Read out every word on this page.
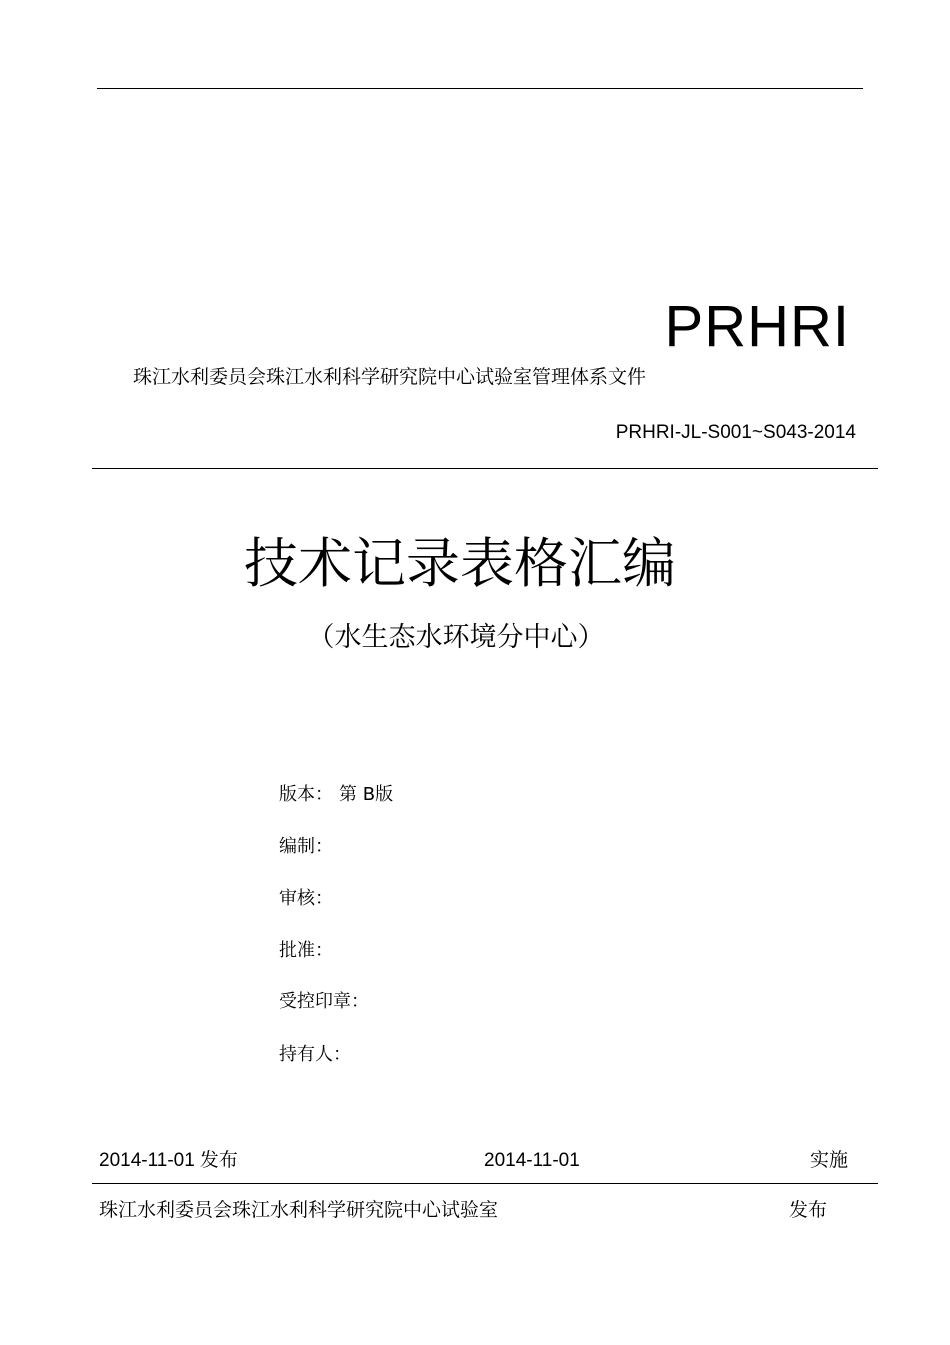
PRHRI
珠江水利委员会珠江水利科学研究院中心试验室管理体系文件
PRHRI-JL-S001~S043-2014
技术记录表格汇编
（水生态水环境分中心）
版本： 第 B版
编制：
审核：
批准：
受控印章：
持有人：
2014-11-01 发布	2014-11-01	实施
珠江水利委员会珠江水利科学研究院中心试验室	发布
